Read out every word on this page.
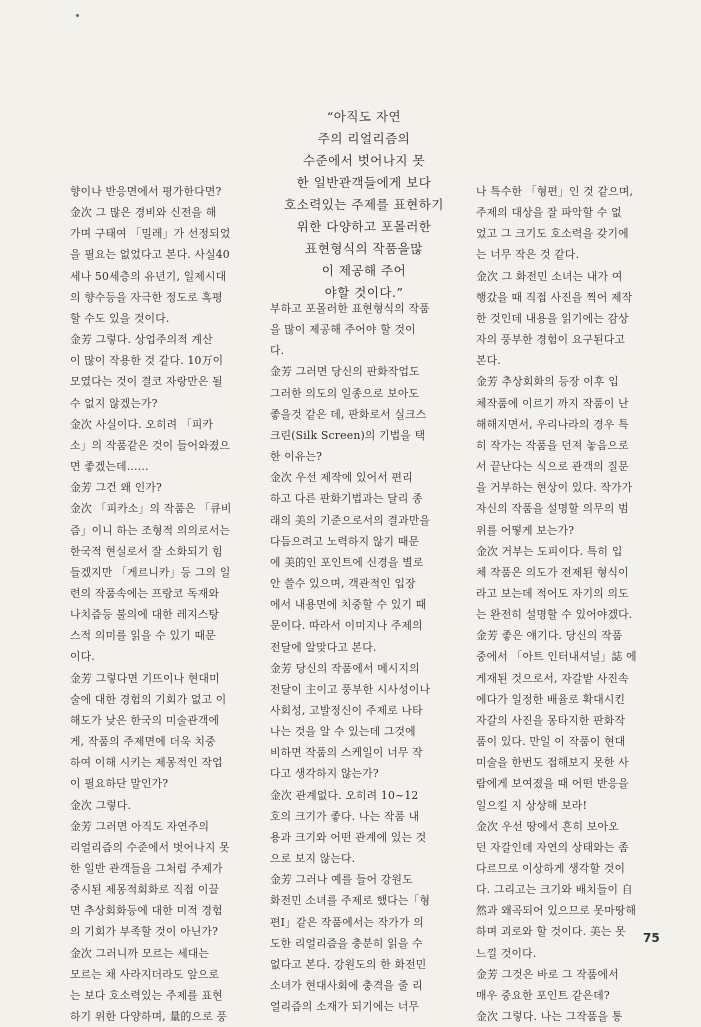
“아직도 자연
주의 리얼리즘의
수준에서 벗어나지 못
한 일반관객들에게 보다
호소력있는 주제를 표현하기
위한 다양하고 포몰러한
표현형식의 작품을많
이 제공해 주어
야할 것이다.”
향이나 반응면에서 평가한다면?
金次 그 많은 경비와 신전을 해
가며 구태여 「밀레」가 선정되었
을 필요는 없었다고 본다. 사실40
세나 50세층의 유년기, 일제시대
의 향수등을 자극한 정도로 혹평
할 수도 있을 것이다.
金芳 그렇다. 상업주의적 계산
이 많이 작용한 것 같다. 10万이
모였다는 것이 결코 자랑만은 될
수 없지 않겠는가?
金次 사실이다. 오히려 「피카
소」의 작품같은 것이 들어와졌으
면 좋겠는데……
金芳 그건 왜 인가?
金次 「피카소」의 작품은 「큐비
즘」이니 하는 조형적 의의로서는
한국적 현실로서 잘 소화되기 힘
들겠지만 「게르니카」등 그의 일
련의 작품속에는 프랑코 독재와
나치즘등 불의에 대한 레지스탕
스적 의미를 읽을 수 있기 때문
이다.
金芳 그렇다면 기뜨이나 현대미
술에 대한 경험의 기회가 없고 이
해도가 낮은 한국의 미술관객에
게, 작품의 주제면에 더욱 치중
하여 이해 시키는 제몽적인 작업
이 필요하단 말인가?
金次 그렇다.
金芳 그러면 아직도 자연주의
리얼리즘의 수준에서 벗어나지 못
한 일반 관객들을 그처럼 주제가
중시된 제몽적회화로 직접 이끌
면 추상회화등에 대한 미적 경험
의 기회가 부족할 것이 아닌가?
金次 그러니까 모르는 세대는
모르는 채 사라지더라도 앞으로
는 보다 호소력있는 주제를 표현
하기 위한 다양하며, 量的으로 풍
부하고 포몰러한 표현형식의 작품
을 많이 제공해 주어야 할 것이
다.
金芳 그러면 당신의 판화작업도
그러한 의도의 일종으로 보아도
좋을것 같은 데, 판화로서 실크스
크린(Silk Screen)의 기법을 택
한 이유는?
金次 우선 제작에 있어서 편리
하고 다른 판화기법과는 달리 종
래의 美의 기준으로서의 결과만을
다듬으려고 노력하지 않기 때문
에 美的인 포인트에 신경을 별로
안 쓸수 있으며, 객관적인 입장
에서 내용면에 치중할 수 있기 때
문이다. 따라서 이미지나 주제의
전달에 알맞다고 본다.
金芳 당신의 작품에서 메시지의
전달이 主이고 풍부한 시사성이나
사회성, 고발정신이 주제로 나타
나는 것을 알 수 있는데 그것에
비하면 작품의 스케일이 너무 작
다고 생각하지 않는가?
金次 관계없다. 오히려 10~12
호의 크기가 좋다. 나는 작품 내
용과 크기와 어떤 관계에 있는 것
으로 보지 않는다.
金芳 그러나 예를 들어 강원도
화전민 소녀를 주제로 했다는「형
편Ⅰ」같은 작품에서는 작가가 의
도한 리얼리즘을 충분히 읽을 수
없다고 본다. 강원도의 한 화전민
소녀가 현대사회에 충격을 줄 리
얼리즘의 소재가 되기에는 너무
나 특수한 「형편」인 것 같으며,
주제의 대상을 잘 파악할 수 없
었고 그 크기도 호소력을 갖기에
는 너무 작은 것 같다.
金次 그 화전민 소녀는 내가 여
행갔을 때 직접 사진을 찍어 제작
한 것인데 내용을 읽기에는 감상
자의 풍부한 경험이 요구된다고
본다.
金芳 추상회화의 등장 이후 입
체작품에 이르기 까지 작품이 난
해해지면서, 우리나라의 경우 특
히 작가는 작품을 던져 놓음으로
서 끝난다는 식으로 관객의 질문
을 거부하는 현상이 있다. 작가가
자신의 작품을 설명할 의무의 범
위를 어떻게 보는가?
金次 거부는 도피이다. 특히 입
체 작품은 의도가 전제된 형식이
라고 보는데 적어도 자기의 의도
는 완전히 설명할 수 있어야겠다.
金芳 좋은 얘기다. 당신의 작품
중에서 「아트 인터내셔널」誌 에
게재된 것으로서, 자갈밭 사진속
에다가 일정한 배율로 확대시킨
자갈의 사진을 몽타지한 판화작
품이 있다. 만일 이 작품이 현대
미술을 한번도 접해보지 못한 사
람에게 보여졌을 때 어떤 반응을
일으킬 지 상상해 보라!
金次 우선 땅에서 흔히 보아오
던 자갈인데 자연의 상태와는 좀
다르므로 이상하게 생각할 것이
다. 그리고는 크기와 배치들이 自
然과 왜곡되어 있으므로 못마땅해
하며 괴로와 할 것이다. 美는 못
느낄 것이다.
金芳 그것은 바로 그 작품에서
매우 중요한 포인트 같은데?
金次 그렇다. 나는 그작품을 통
75
